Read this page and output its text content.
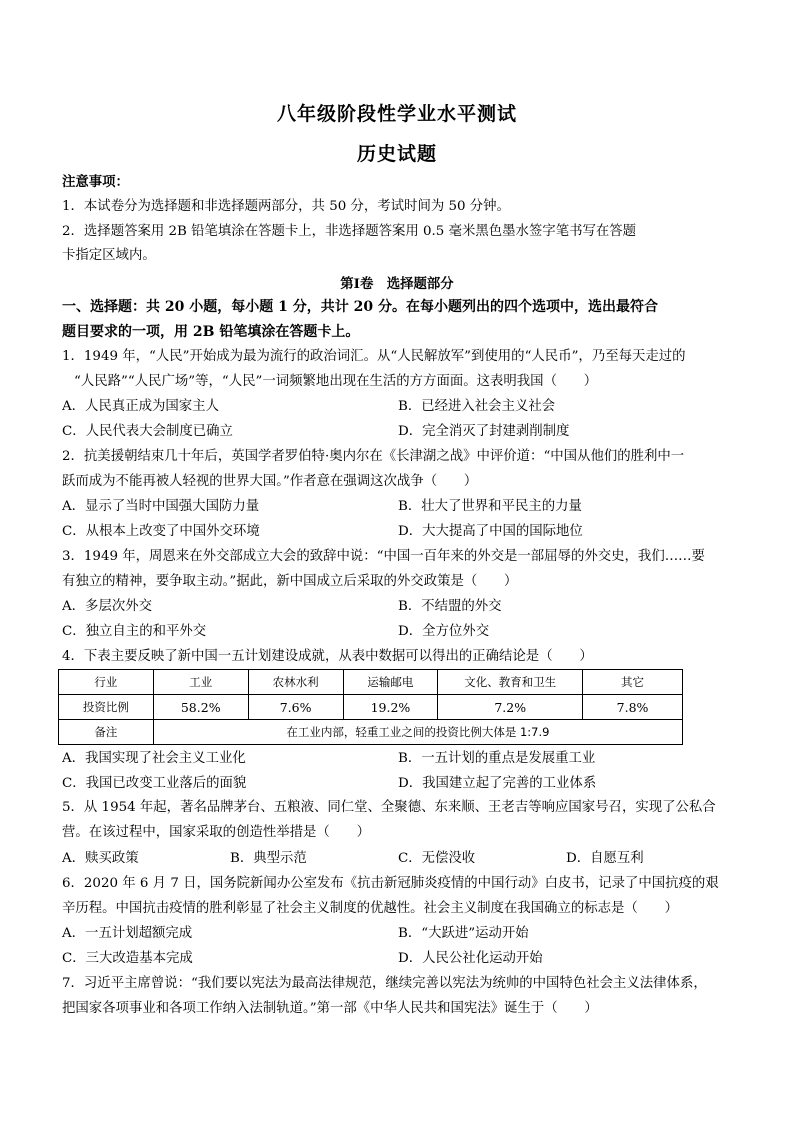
八年级阶段性学业水平测试
历史试题
注意事项：
1．本试卷分为选择题和非选择题两部分，共 50 分，考试时间为 50 分钟。
2．选择题答案用 2B 铅笔填涂在答题卡上，非选择题答案用 0.5 毫米黑色墨水签字笔书写在答题
卡指定区域内。
第Ⅰ卷　选择题部分
一、选择题：共 20 小题，每小题 1 分，共计 20 分。在每小题列出的四个选项中，选出最符合
题目要求的一项，用 2B 铅笔填涂在答题卡上。
1．1949 年，“人民”开始成为最为流行的政治词汇。从“人民解放军”到使用的“人民币”，乃至每天走过的
“人民路”“人民广场”等，“人民”一词频繁地出现在生活的方方面面。这表明我国（　　）
A．人民真正成为国家主人	B．已经进入社会主义社会
C．人民代表大会制度已确立	D．完全消灭了封建剥削制度
2．抗美援朝结束几十年后，英国学者罗伯特·奥内尔在《长津湖之战》中评价道：“中国从他们的胜利中一
跃而成为不能再被人轻视的世界大国。”作者意在强调这次战争（　　）
A．显示了当时中国强大国防力量	B．壮大了世界和平民主的力量
C．从根本上改变了中国外交环境	D．大大提高了中国的国际地位
3．1949 年，周恩来在外交部成立大会的致辞中说：“中国一百年来的外交是一部屈辱的外交史，我们……要
有独立的精神，要争取主动。”据此，新中国成立后采取的外交政策是（　　）
A．多层次外交	B．不结盟的外交
C．独立自主的和平外交	D．全方位外交
4．下表主要反映了新中国一五计划建设成就，从表中数据可以得出的正确结论是（　　）
行业	工业	农林水利	运输邮电	文化、教育和卫生	其它
投资比例	58.2%	7.6%	19.2%	7.2%	7.8%
备注	在工业内部，轻重工业之间的投资比例大体是 1:7.9				
A．我国实现了社会主义工业化	B．一五计划的重点是发展重工业
C．我国已改变工业落后的面貌	D．我国建立起了完善的工业体系
5．从 1954 年起，著名品牌茅台、五粮液、同仁堂、全聚德、东来顺、王老吉等响应国家号召，实现了公私合
营。在该过程中，国家采取的创造性举措是（　　）
A．赎买政策	B．典型示范	C．无偿没收	D．自愿互利
6．2020 年 6 月 7 日，国务院新闻办公室发布《抗击新冠肺炎疫情的中国行动》白皮书，记录了中国抗疫的艰
辛历程。中国抗击疫情的胜利彰显了社会主义制度的优越性。社会主义制度在我国确立的标志是（　　）
A．一五计划超额完成	B．“大跃进”运动开始
C．三大改造基本完成	D．人民公社化运动开始
7．习近平主席曾说：“我们要以宪法为最高法律规范，继续完善以宪法为统帅的中国特色社会主义法律体系，
把国家各项事业和各项工作纳入法制轨道。”第一部《中华人民共和国宪法》诞生于（　　）
